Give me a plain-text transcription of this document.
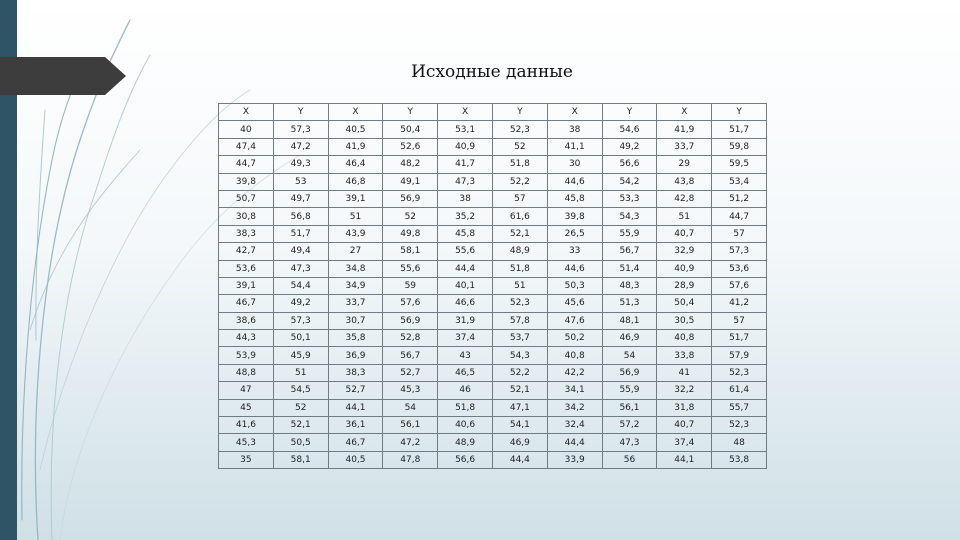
Исходные данные
X	Y	X	Y	X	Y	X	Y	X	Y
40	57,3	40,5	50,4	53,1	52,3	38	54,6	41,9	51,7
47,4	47,2	41,9	52,6	40,9	52	41,1	49,2	33,7	59,8
44,7	49,3	46,4	48,2	41,7	51,8	30	56,6	29	59,5
39,8	53	46,8	49,1	47,3	52,2	44,6	54,2	43,8	53,4
50,7	49,7	39,1	56,9	38	57	45,8	53,3	42,8	51,2
30,8	56,8	51	52	35,2	61,6	39,8	54,3	51	44,7
38,3	51,7	43,9	49,8	45,8	52,1	26,5	55,9	40,7	57
42,7	49,4	27	58,1	55,6	48,9	33	56,7	32,9	57,3
53,6	47,3	34,8	55,6	44,4	51,8	44,6	51,4	40,9	53,6
39,1	54,4	34,9	59	40,1	51	50,3	48,3	28,9	57,6
46,7	49,2	33,7	57,6	46,6	52,3	45,6	51,3	50,4	41,2
38,6	57,3	30,7	56,9	31,9	57,8	47,6	48,1	30,5	57
44,3	50,1	35,8	52,8	37,4	53,7	50,2	46,9	40,8	51,7
53,9	45,9	36,9	56,7	43	54,3	40,8	54	33,8	57,9
48,8	51	38,3	52,7	46,5	52,2	42,2	56,9	41	52,3
47	54,5	52,7	45,3	46	52,1	34,1	55,9	32,2	61,4
45	52	44,1	54	51,8	47,1	34,2	56,1	31,8	55,7
41,6	52,1	36,1	56,1	40,6	54,1	32,4	57,2	40,7	52,3
45,3	50,5	46,7	47,2	48,9	46,9	44,4	47,3	37,4	48
35	58,1	40,5	47,8	56,6	44,4	33,9	56	44,1	53,8
